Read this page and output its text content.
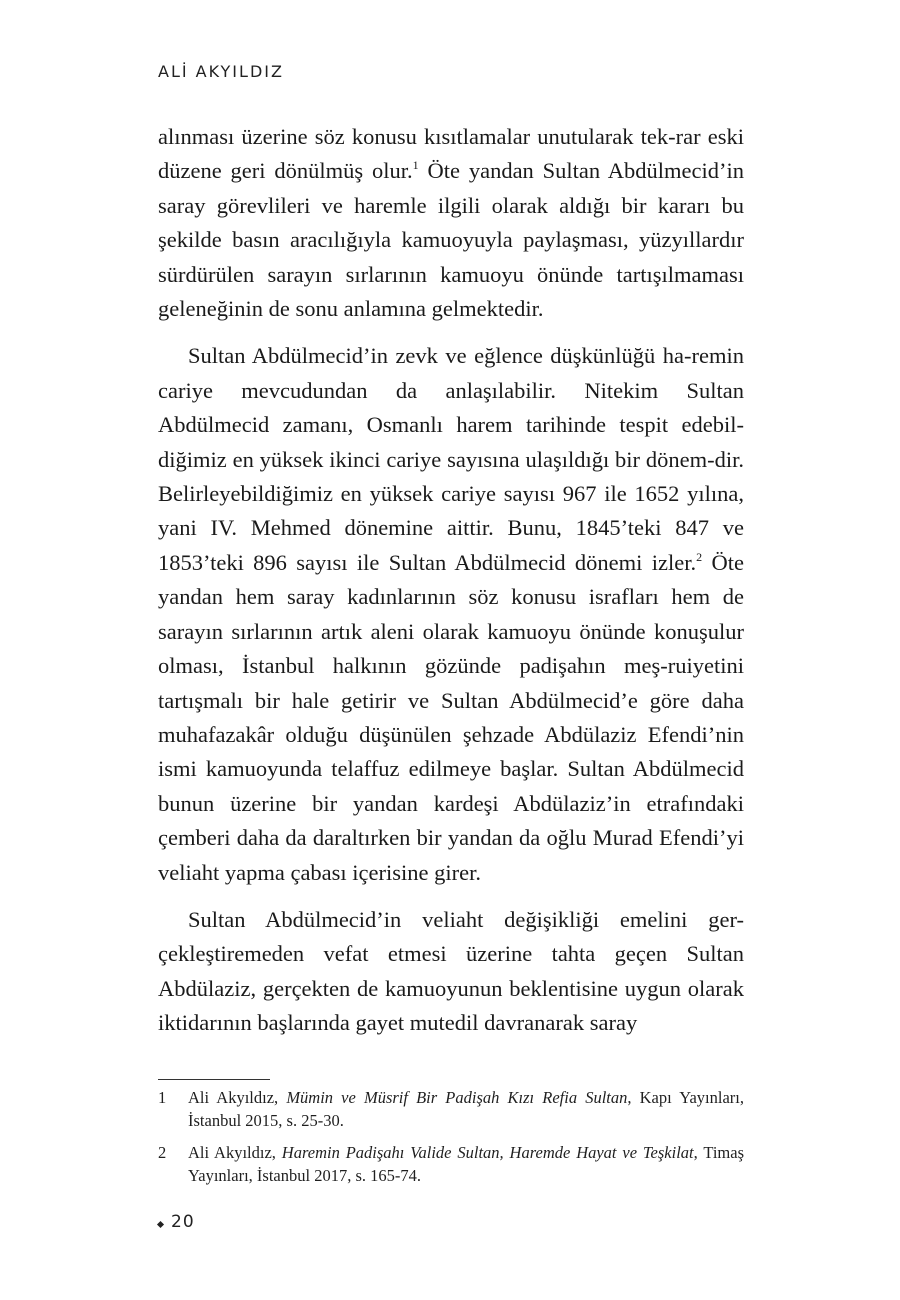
ALİ AKYILDIZ

alınması üzerine söz konusu kısıtlamalar unutularak tek-rar eski düzene geri dönülmüş olur.$^1$ Öte yandan Sultan Abdülmecid’in saray görevlileri ve haremle ilgili olarak aldığı bir kararı bu şekilde basın aracılığıyla kamuoyuyla paylaşması, yüzyıllardır sürdürülen sarayın sırlarının kamuoyu önünde tartışılmaması geleneğinin de sonu anlamına gelmektedir.

Sultan Abdülmecid’in zevk ve eğlence düşkünlüğü ha-remin cariye mevcudundan da anlaşılabilir. Nitekim Sultan Abdülmecid zamanı, Osmanlı harem tarihinde tespit edebil-diğimiz en yüksek ikinci cariye sayısına ulaşıldığı bir dönem-dir. Belirleyebildiğimiz en yüksek cariye sayısı 967 ile 1652 yılına, yani IV. Mehmed dönemine aittir. Bunu, 1845’teki 847 ve 1853’teki 896 sayısı ile Sultan Abdülmecid dönemi izler.$^2$ Öte yandan hem saray kadınlarının söz konusu israfları hem de sarayın sırlarının artık aleni olarak kamuoyu önünde konuşulur olması, İstanbul halkının gözünde padişahın meş-ruiyetini tartışmalı bir hale getirir ve Sultan Abdülmecid’e göre daha muhafazakâr olduğu düşünülen şehzade Abdülaziz Efendi’nin ismi kamuoyunda telaffuz edilmeye başlar. Sultan Abdülmecid bunun üzerine bir yandan kardeşi Abdülaziz’in etrafındaki çemberi daha da daraltırken bir yandan da oğlu Murad Efendi’yi veliaht yapma çabası içerisine girer.

Sultan Abdülmecid’in veliaht değişikliği emelini ger-çekleştiremeden vefat etmesi üzerine tahta geçen Sultan Abdülaziz, gerçekten de kamuoyunun beklentisine uygun olarak iktidarının başlarında gayet mutedil davranarak saray

1	Ali Akyıldız, Mümin ve Müsrif Bir Padişah Kızı Refia Sultan, Kapı Yayınları, İstanbul 2015, s. 25-30.
2	Ali Akyıldız, Haremin Padişahı Valide Sultan, Haremde Hayat ve Teşkilat, Timaş Yayınları, İstanbul 2017, s. 165-74.
20
